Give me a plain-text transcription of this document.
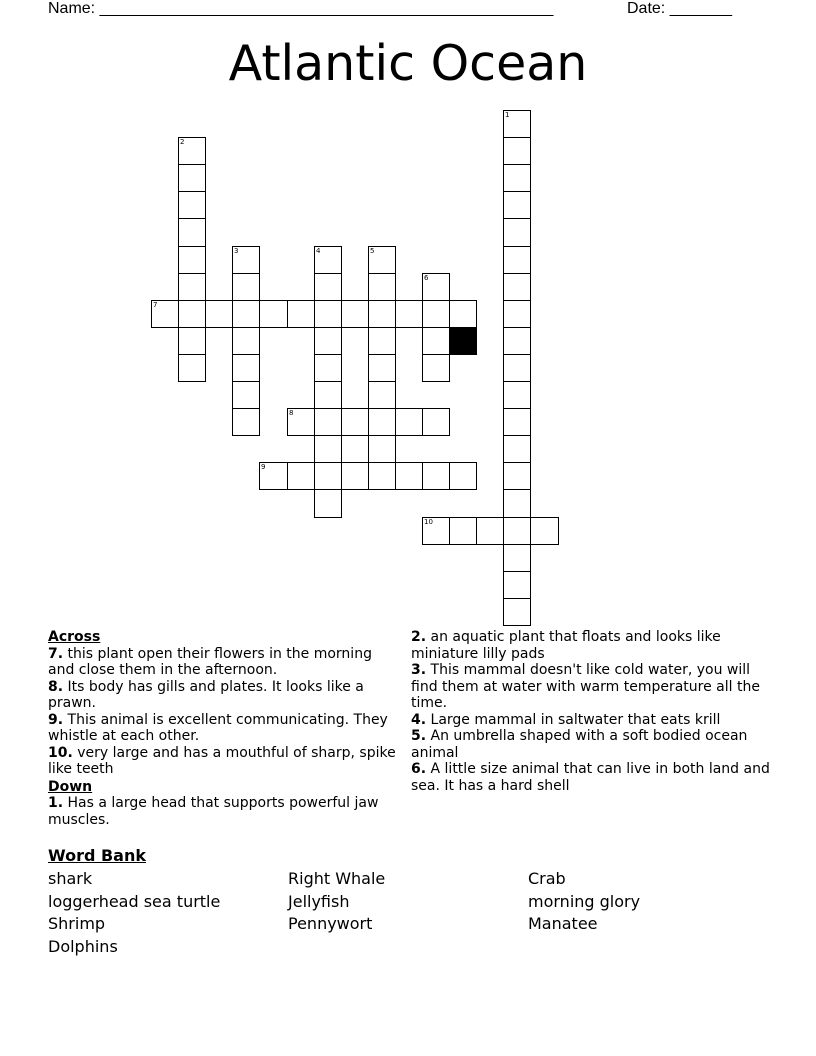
Name: ___________________________________________________	Date: _______
Atlantic Ocean
1
2
3	4	5
6
7
8
9
10
Across
7. this plant open their flowers in the morning and close them in the afternoon.
8. Its body has gills and plates. It looks like a prawn.
9. This animal is excellent communicating. They whistle at each other.
10. very large and has a mouthful of sharp, spike like teeth
Down
1. Has a large head that supports powerful jaw muscles.
2. an aquatic plant that floats and looks like miniature lilly pads
3. This mammal doesn't like cold water, you will find them at water with warm temperature all the time.
4. Large mammal in saltwater that eats krill
5. An umbrella shaped with a soft bodied ocean animal
6. A little size animal that can live in both land and sea. It has a hard shell
Word Bank
shark
loggerhead sea turtle
Shrimp
Dolphins
Right Whale
Jellyfish
Pennywort
Crab
morning glory
Manatee
